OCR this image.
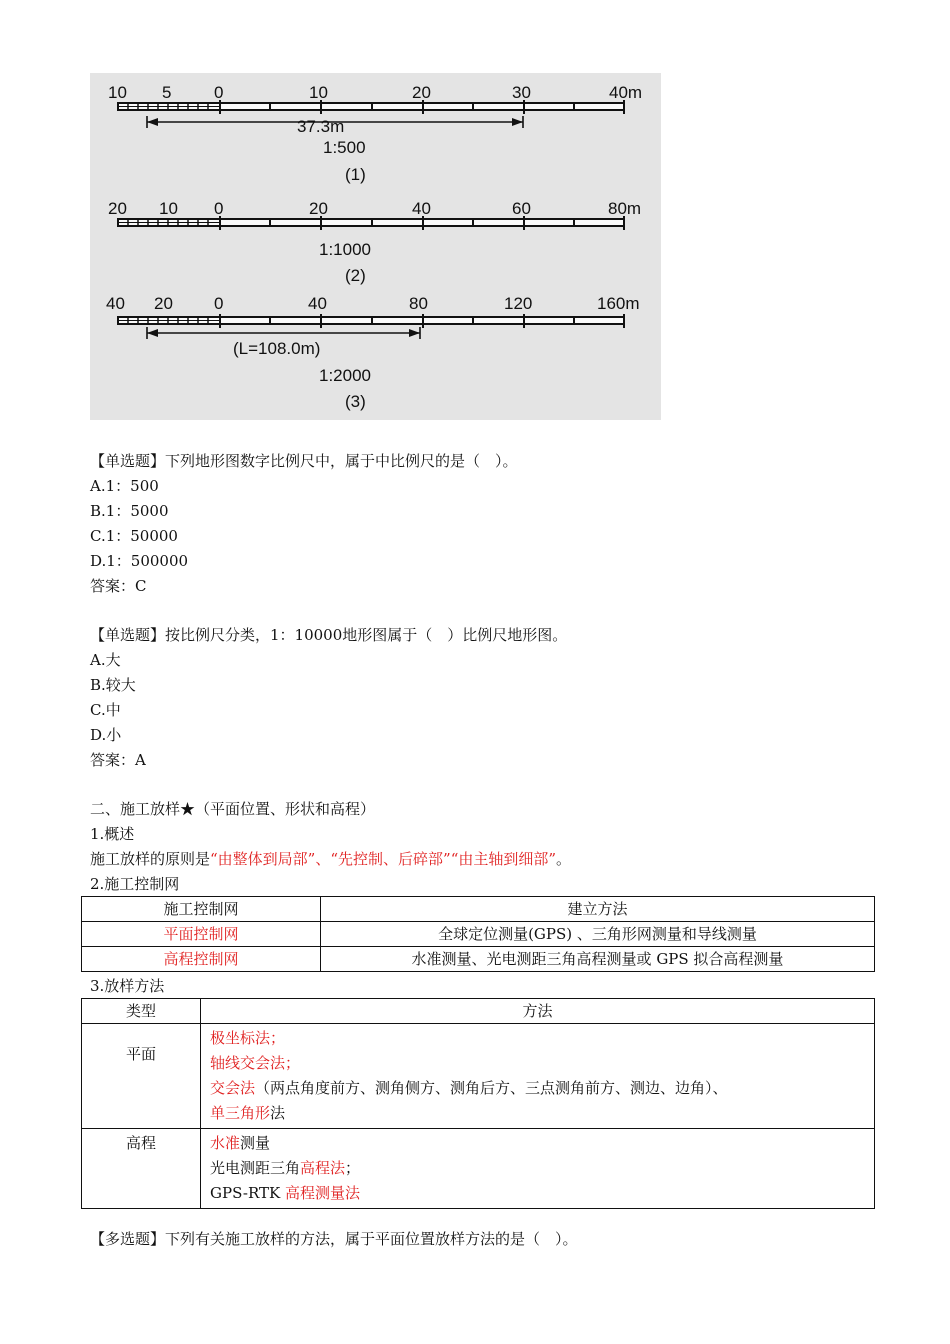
10 5	0	10	20	30	40m
37.3m
1:500
(1)
20 10 0	20	40	60	80m
1:1000
(2)
40 20 0	40	80	120	160m
(L=108.0m)
1:2000
(3)
【单选题】下列地形图数字比例尺中，属于中比例尺的是（　）。
A.1：500
B.1：5000
C.1：50000
D.1：500000
答案：C
【单选题】按比例尺分类，1：10000地形图属于（　）比例尺地形图。
A.大
B.较大
C.中
D.小
答案：A
二、施工放样★（平面位置、形状和高程）
1.概述
施工放样的原则是“由整体到局部”、“先控制、后碎部”“由主轴到细部”。
2.施工控制网
施工控制网	建立方法
平面控制网	全球定位测量(GPS) 、三角形网测量和导线测量
高程控制网	水准测量、光电测距三角高程测量或 GPS 拟合高程测量
3.放样方法
类型	方法
平面	极坐标法；
轴线交会法；
交会法（两点角度前方、测角侧方、测角后方、三点测角前方、测边、边角）、
单三角形法

高程	水准测量
光电测距三角高程法；
GPS-RTK 高程测量法
【多选题】下列有关施工放样的方法，属于平面位置放样方法的是（　）。
